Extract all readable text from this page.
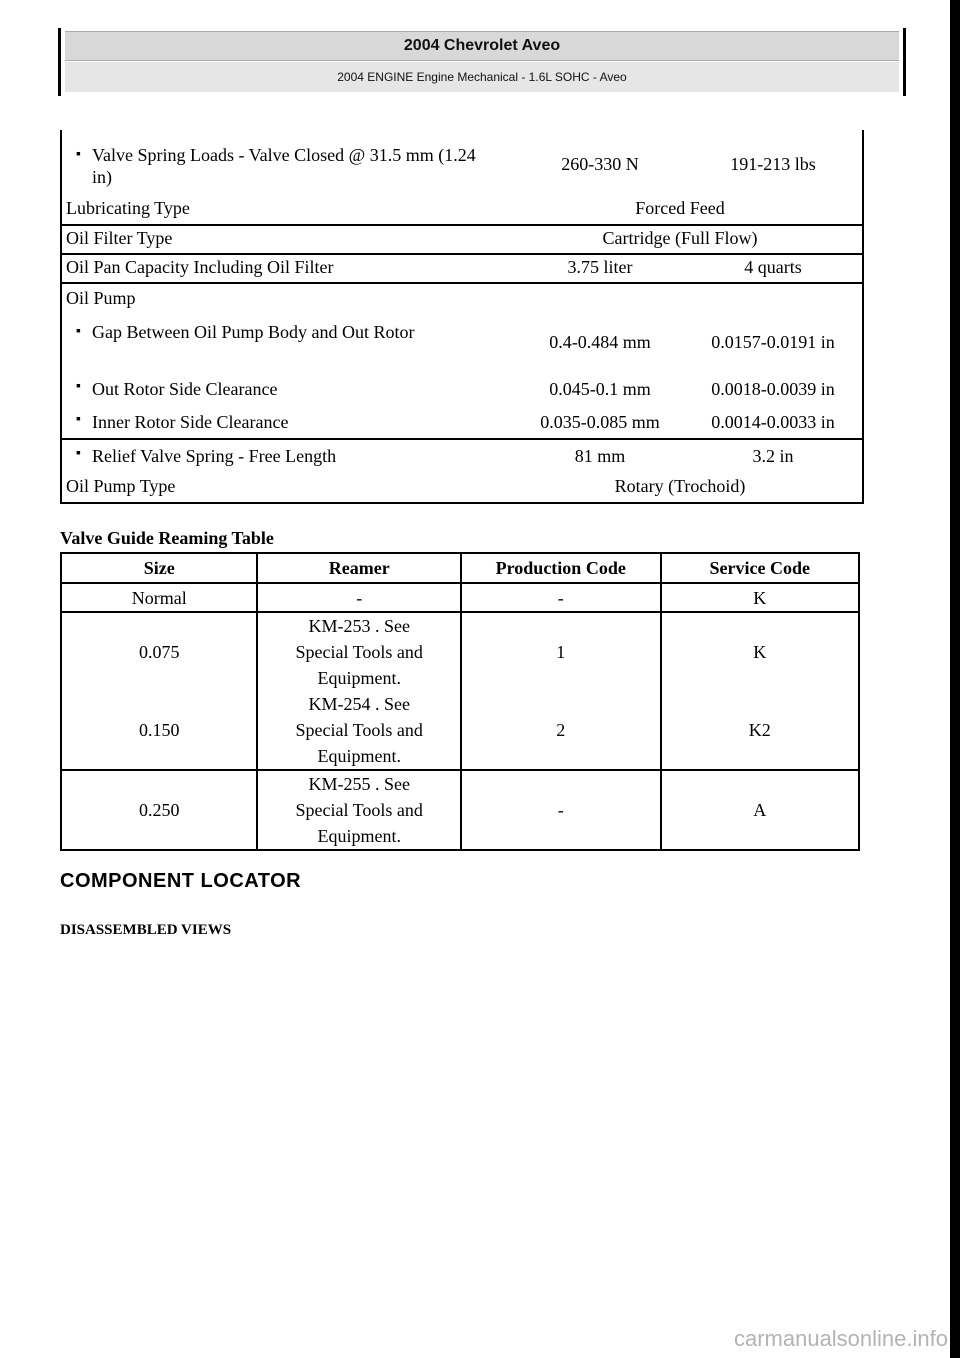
2004 Chevrolet Aveo
2004 ENGINE Engine Mechanical - 1.6L SOHC - Aveo
▪ Valve Spring Loads - Valve Closed @ 31.5 mm (1.24 in)
260-330 N	191-213 lbs
Lubricating Type	Forced Feed
Oil Filter Type	Cartridge (Full Flow)
Oil Pan Capacity Including Oil Filter	3.75 liter	4 quarts
Oil Pump
▪ Gap Between Oil Pump Body and Out Rotor	0.4-0.484 mm	0.0157-0.0191 in
▪ Out Rotor Side Clearance	0.045-0.1 mm	0.0018-0.0039 in
▪ Inner Rotor Side Clearance	0.035-0.085 mm	0.0014-0.0033 in
▪ Relief Valve Spring - Free Length	81 mm	3.2 in
Oil Pump Type	Rotary (Trochoid)
Valve Guide Reaming Table
Size	Reamer	Production Code	Service Code
Normal	-	-	K
0.075	KM-253 . See
Special Tools and
Equipment.	1	K
0.150	KM-254 . See
Special Tools and
Equipment.	2	K2
0.250	KM-255 . See
Special Tools and
Equipment.	-	A
COMPONENT LOCATOR
DISASSEMBLED VIEWS
carmanualsonline.info
